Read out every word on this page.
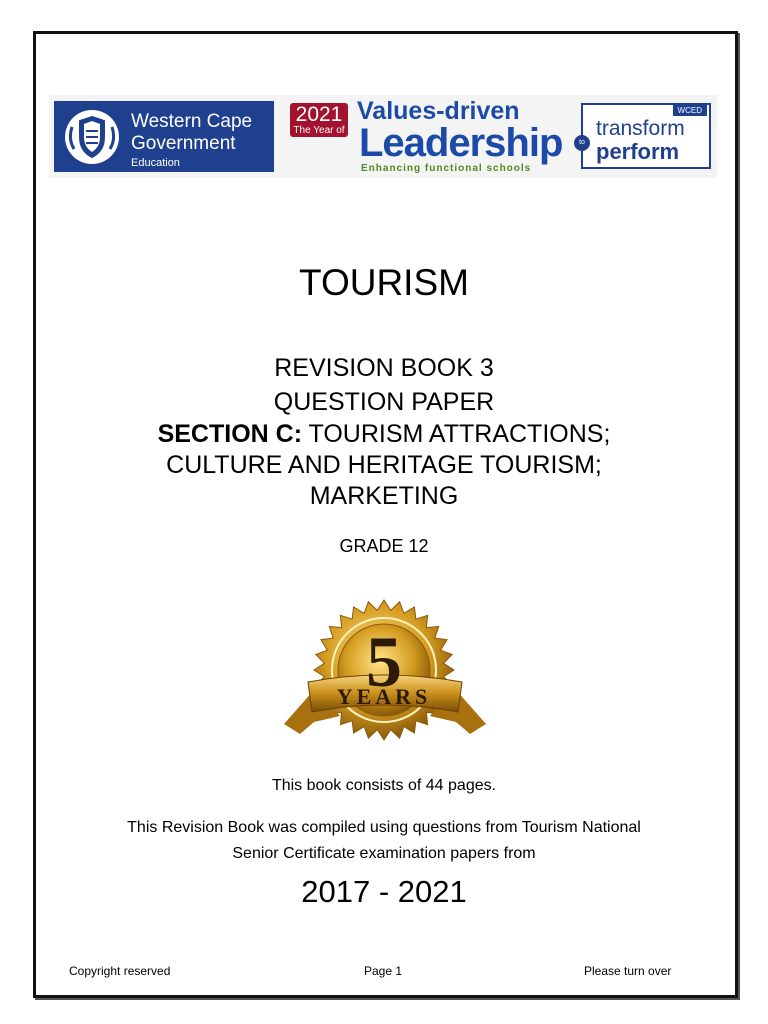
Western Cape
Government
Education
2021
The Year of
Values-driven
Leadership
Enhancing functional schools
WCED
to
transform
perform
TOURISM
REVISION BOOK 3
QUESTION PAPER
SECTION C: TOURISM ATTRACTIONS;
CULTURE AND HERITAGE TOURISM;
MARKETING
GRADE 12
5
YEARS
This book consists of 44 pages.
This Revision Book was compiled using questions from Tourism National
Senior Certificate examination papers from
2017 - 2021
Copyright reserved	Page 1	Please turn over
